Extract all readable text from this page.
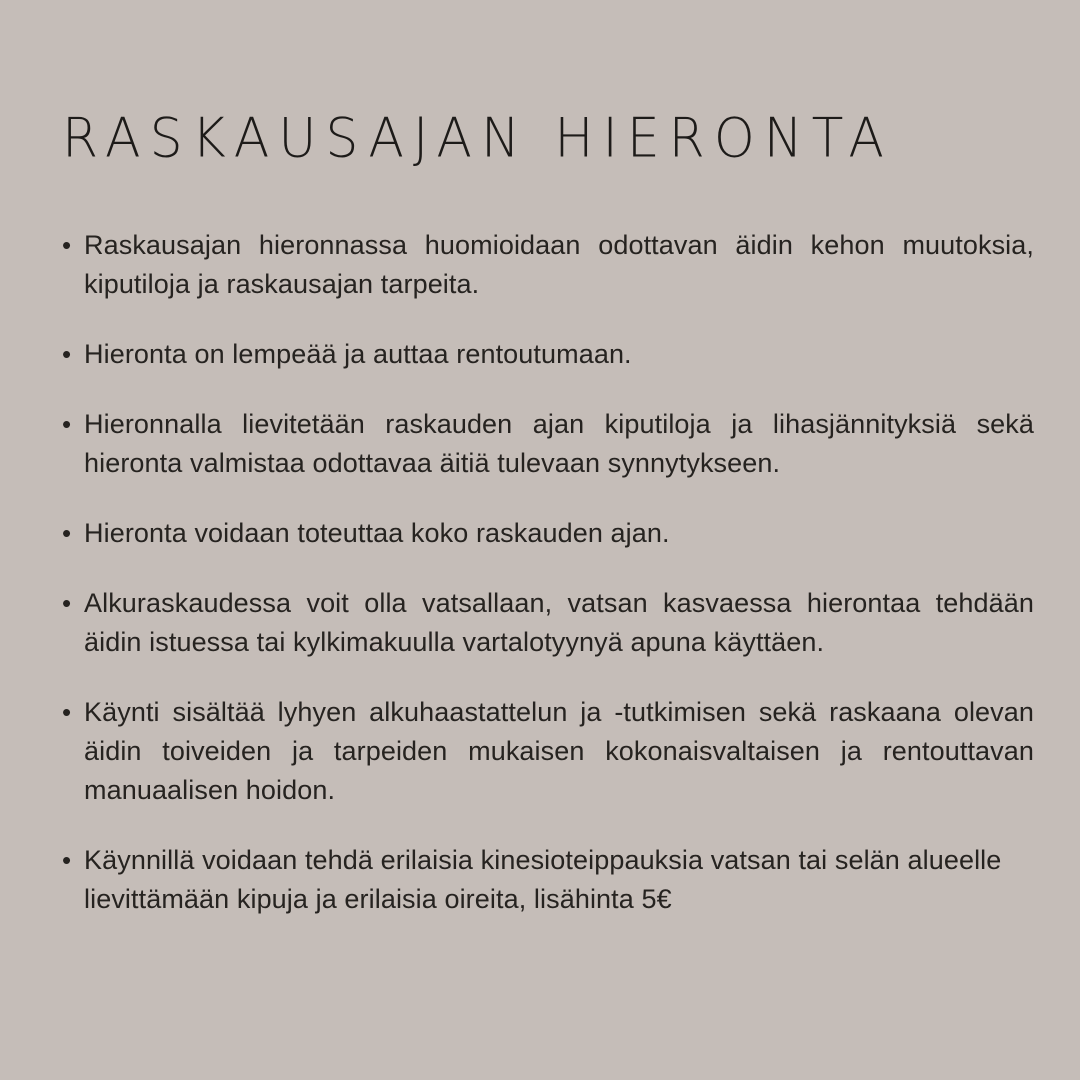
RASKAUSAJAN HIERONTA
• Raskausajan hieronnassa huomioidaan odottavan äidin kehon muutoksia, kiputiloja ja raskausajan tarpeita.

• Hieronta on lempeää ja auttaa rentoutumaan.

• Hieronnalla lievitetään raskauden ajan kiputiloja ja lihasjännityksiä sekä hieronta valmistaa odottavaa äitiä tulevaan synnytykseen.

• Hieronta voidaan toteuttaa koko raskauden ajan.

• Alkuraskaudessa voit olla vatsallaan, vatsan kasvaessa hierontaa tehdään äidin istuessa tai kylkimakuulla vartalotyynyä apuna käyttäen.

• Käynti sisältää lyhyen alkuhaastattelun ja -tutkimisen sekä raskaana olevan äidin toiveiden ja tarpeiden mukaisen kokonaisvaltaisen ja rentouttavan manuaalisen hoidon.

• Käynnillä voidaan tehdä erilaisia kinesioteippauksia vatsan tai selän alueelle lievittämään kipuja ja erilaisia oireita, lisähinta 5€
